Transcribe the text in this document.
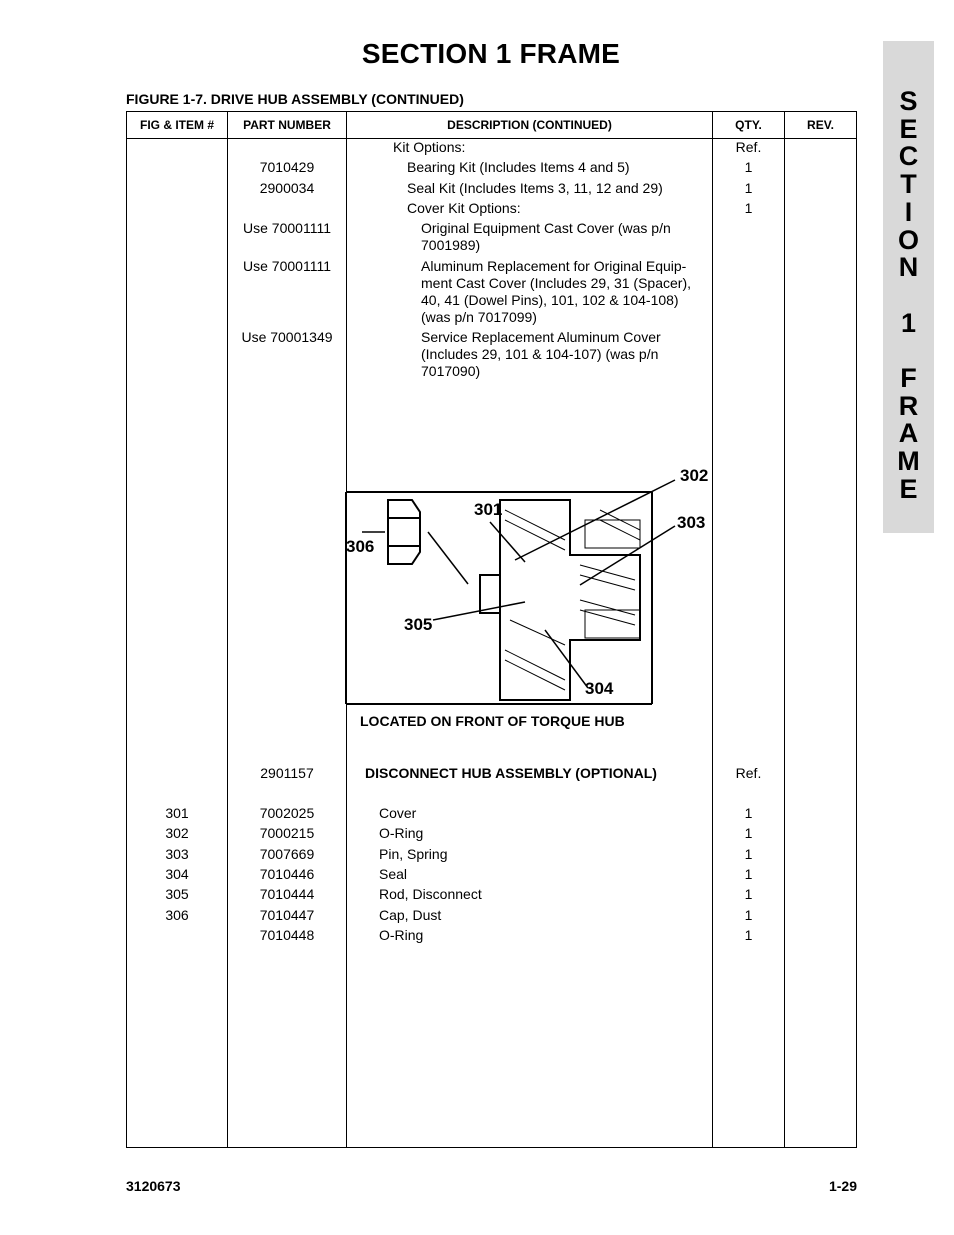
SECTION 1 FRAME
FIGURE 1-7. DRIVE HUB ASSEMBLY (CONTINUED)	S
E
C
T
I
O
N
1
F
R
A
M
E
FIG & ITEM #	PART NUMBER	DESCRIPTION (CONTINUED)	QTY.	REV.
Kit Options:	Ref.
7010429	Bearing Kit (Includes Items 4 and 5)	1
2900034	Seal Kit (Includes Items 3, 11, 12 and 29)	1
Cover Kit Options:	1
Use 70001111	Original Equipment Cast Cover (was p/n 7001989)
Use 70001111	Aluminum Replacement for Original Equip- ment Cast Cover (Includes 29, 31 (Spacer), 40, 41 (Dowel Pins), 101, 102 & 104-108) (was p/n 7017099)
Use 70001349	Service Replacement Aluminum Cover (Includes 29, 101 & 104-107) (was p/n 7017090)
2901157	DISCONNECT HUB ASSEMBLY (OPTIONAL)	Ref.
301	7002025	Cover	1
302	7000215	O-Ring	1
303	7007669	Pin, Spring	1
304	7010446	Seal	1
305	7010444	Rod, Disconnect	1
306	7010447	Cap, Dust	1
7010448	O-Ring	1
301
302
303
304
305
306
LOCATED ON FRONT OF TORQUE HUB
3120673	1-29
